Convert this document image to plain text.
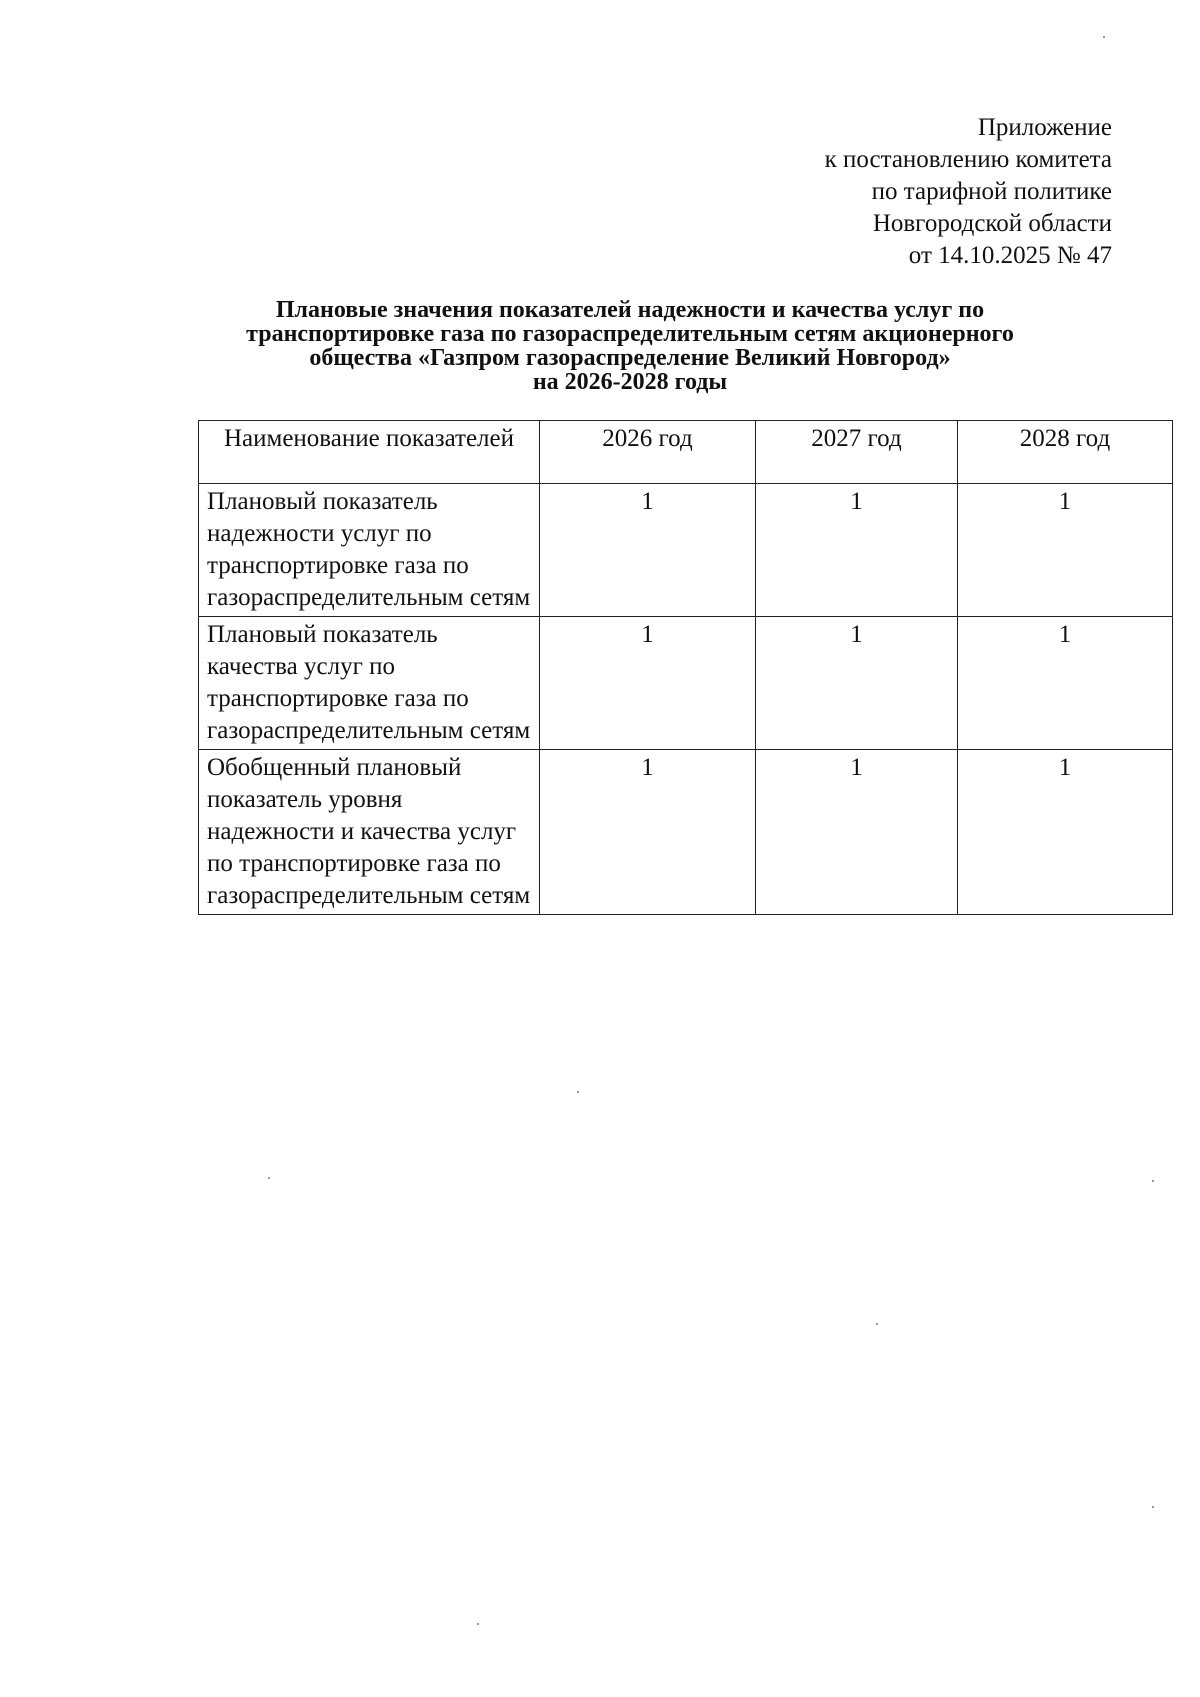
Приложение
к постановлению комитета
по тарифной политике
Новгородской области
от 14.10.2025 № 47
Плановые значения показателей надежности и качества услуг по
транспортировке газа по газораспределительным сетям акционерного
общества «Газпром газораспределение Великий Новгород»
на 2026-2028 годы
Наименование показателей	2026 год	2027 год	2028 год
Плановый показатель надежности услуг по транспортировке газа по газораспределительным сетям	1	1	1
Плановый показатель качества услуг по транспортировке газа по газораспределительным сетям	1	1	1
Обобщенный плановый показатель уровня надежности и качества услуг по транспортировке газа по газораспределительным сетям	1	1	1
